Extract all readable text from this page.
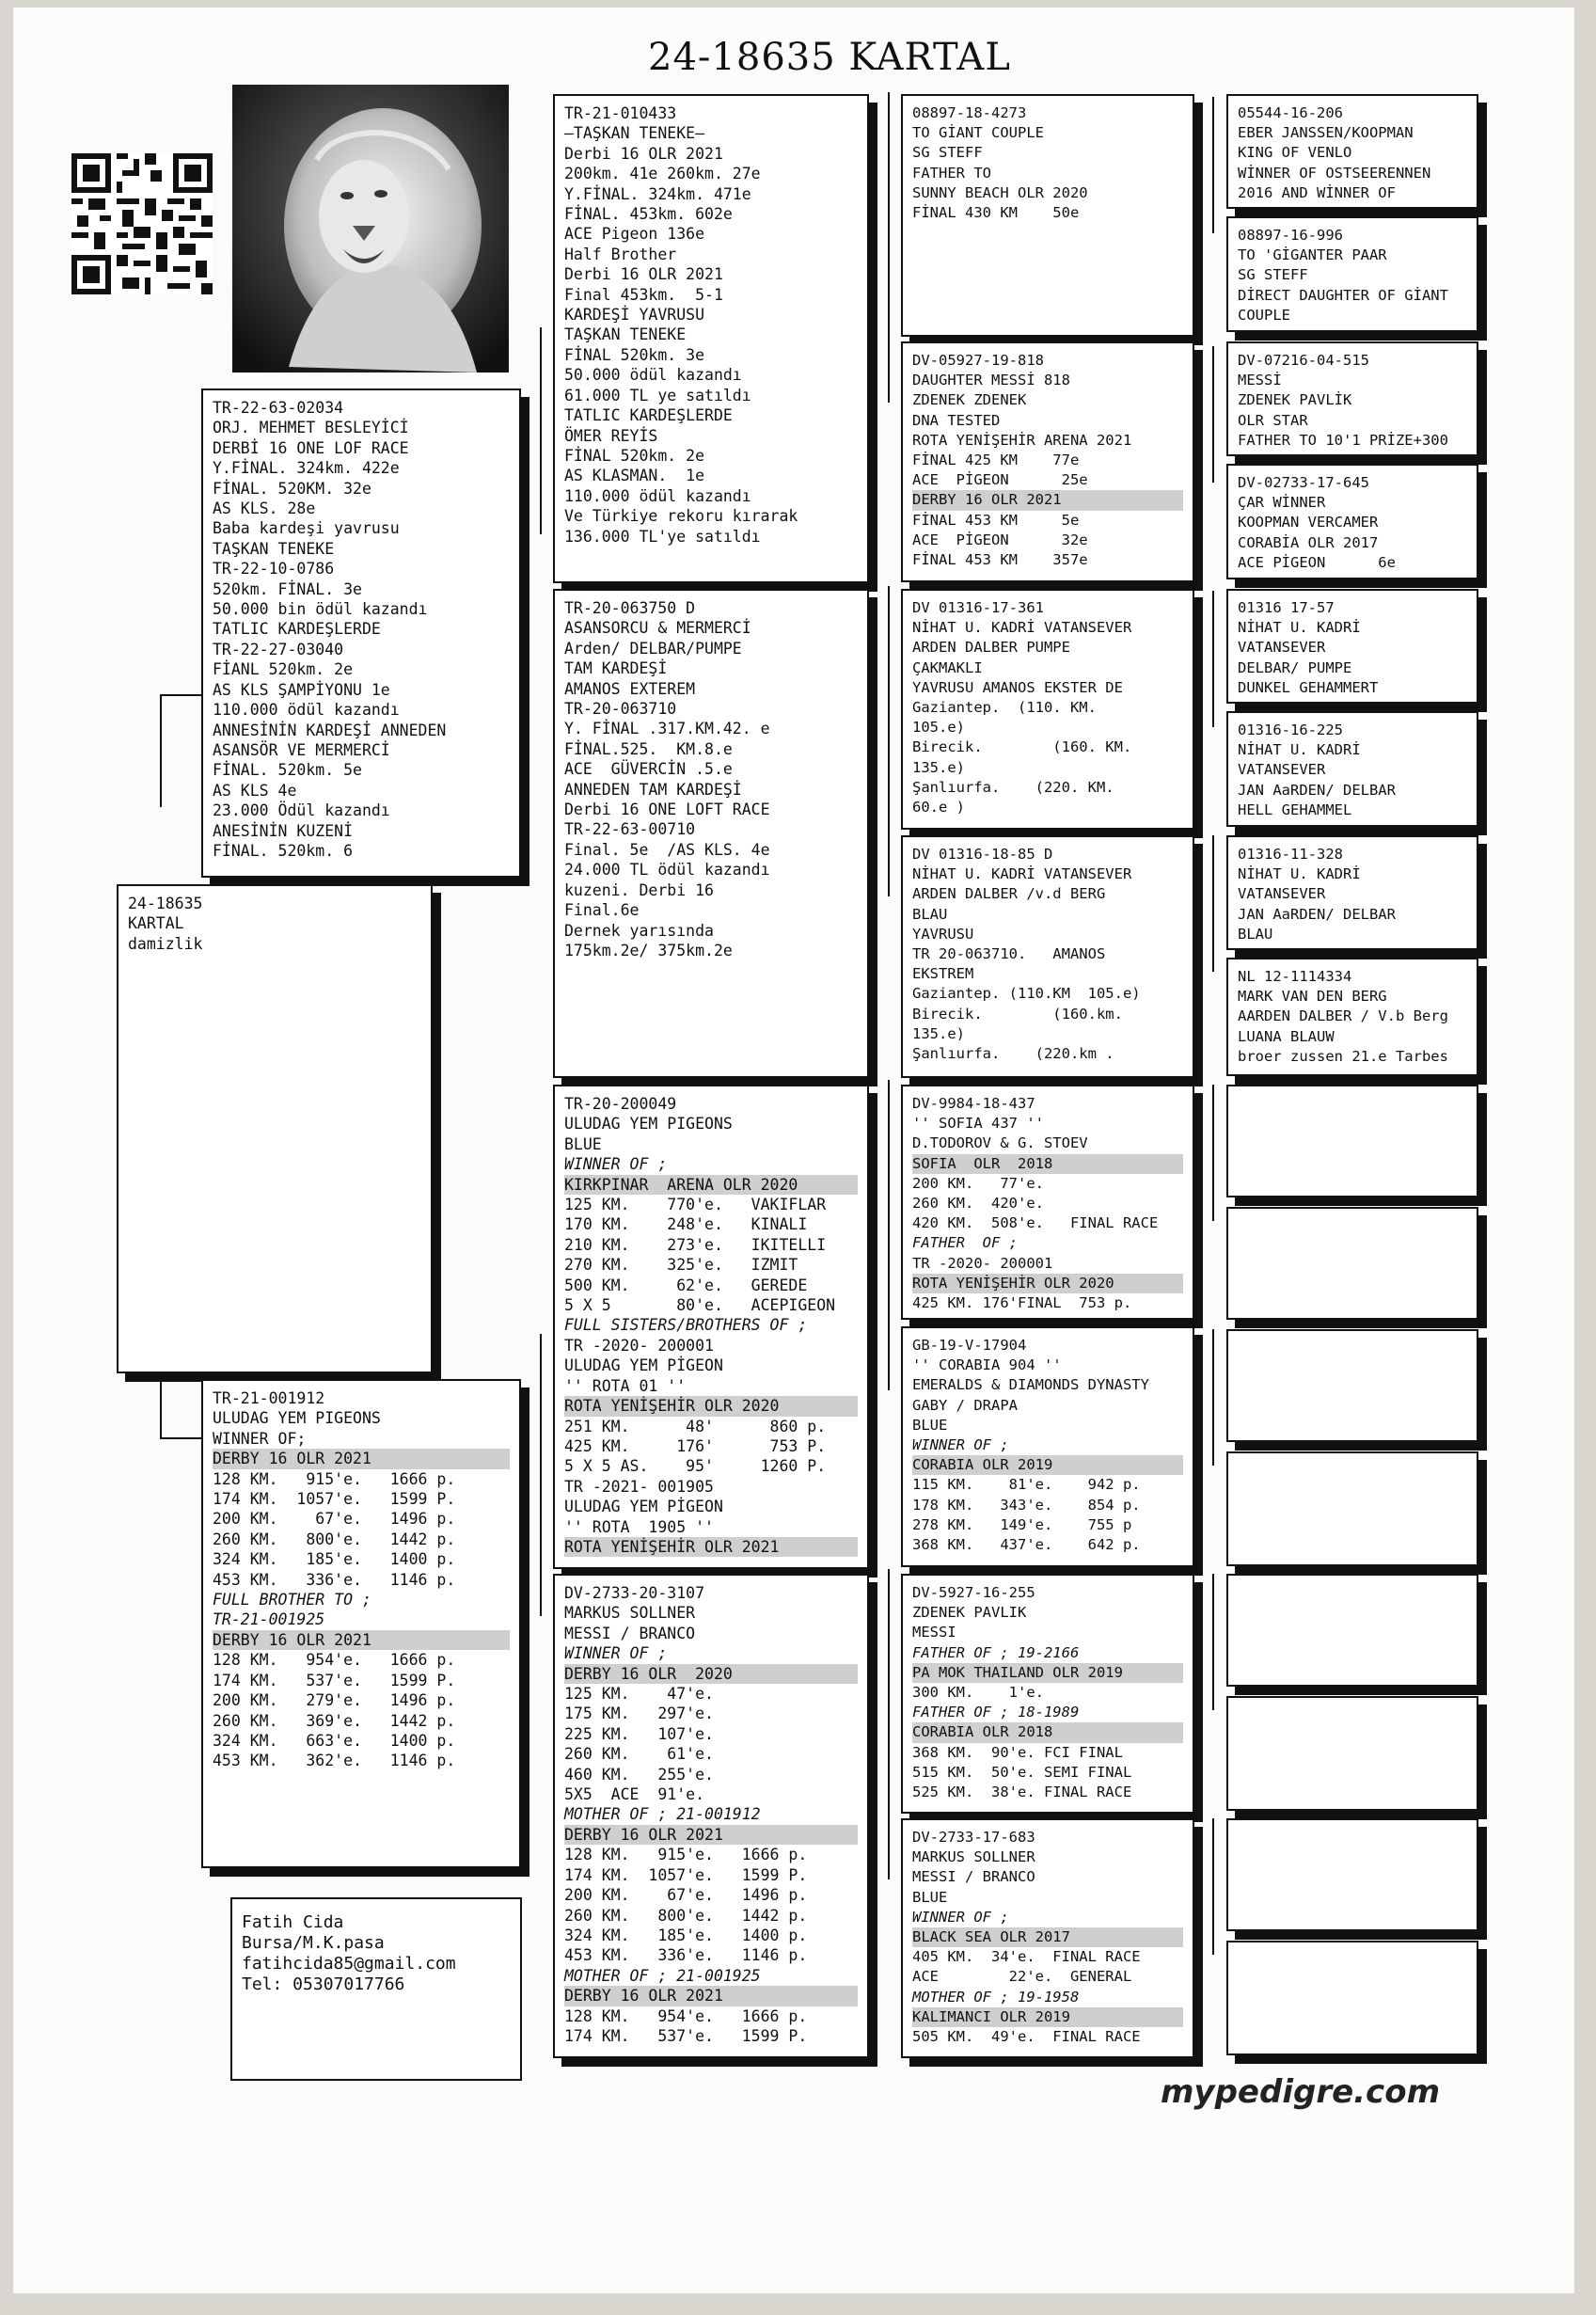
24-18635 KARTAL
24-18635
KARTAL
damizlik
TR-22-63-02034
ORJ. MEHMET BESLEYİCİ
DERBİ 16 ONE LOF RACE
Y.FİNAL. 324km. 422e
FİNAL. 520KM. 32e
AS KLS. 28e
Baba kardeşi yavrusu
TAŞKAN TENEKE
TR-22-10-0786
520km. FİNAL. 3e
50.000 bin ödül kazandı
TATLIC KARDEŞLERDE
TR-22-27-03040
FİANL 520km. 2e
AS KLS ŞAMPİYONU 1e
110.000 ödül kazandı
ANNESİNİN KARDEŞİ ANNEDEN
ASANSÖR VE MERMERCİ
FİNAL. 520km. 5e
AS KLS 4e
23.000 Ödül kazandı
ANESİNİN KUZENİ
FİNAL. 520km. 6
TR-21-001912
ULUDAG YEM PIGEONS
WINNER OF;
DERBY 16 OLR 2021
128 KM.   915'e.   1666 p.
174 KM.  1057'e.   1599 P.
200 KM.    67'e.   1496 p.
260 KM.   800'e.   1442 p.
324 KM.   185'e.   1400 p.
453 KM.   336'e.   1146 p.
FULL BROTHER TO ;
TR-21-001925
DERBY 16 OLR 2021
128 KM.   954'e.   1666 p.
174 KM.   537'e.   1599 P.
200 KM.   279'e.   1496 p.
260 KM.   369'e.   1442 p.
324 KM.   663'e.   1400 p.
453 KM.   362'e.   1146 p.
TR-21-010433
—TAŞKAN TENEKE—
Derbi 16 OLR 2021
200km. 41e 260km. 27e
Y.FİNAL. 324km. 471e
FİNAL. 453km. 602e
ACE Pigeon 136e
Half Brother
Derbi 16 OLR 2021
Final 453km.  5-1
KARDEŞİ YAVRUSU
TAŞKAN TENEKE
FİNAL 520km. 3e
50.000 ödül kazandı
61.000 TL ye satıldı
TATLIC KARDEŞLERDE
ÖMER REYİS
FİNAL 520km. 2e
AS KLASMAN.  1e
110.000 ödül kazandı
Ve Türkiye rekoru kırarak
136.000 TL'ye satıldı
TR-20-063750 D
ASANSORCU & MERMERCİ
Arden/ DELBAR/PUMPE
TAM KARDEŞİ
AMANOS EXTEREM
TR-20-063710
Y. FİNAL .317.KM.42. e
FİNAL.525.  KM.8.e
ACE  GÜVERCİN .5.e
ANNEDEN TAM KARDEŞİ
Derbi 16 ONE LOFT RACE
TR-22-63-00710
Final. 5e  /AS KLS. 4e
24.000 TL ödül kazandı
kuzeni. Derbi 16
Final.6e
Dernek yarısında
175km.2e/ 375km.2e
TR-20-200049
ULUDAG YEM PIGEONS
BLUE
WINNER OF ;
KIRKPINAR  ARENA OLR 2020
125 KM.    770'e.   VAKIFLAR
170 KM.    248'e.   KINALI
210 KM.    273'e.   IKITELLI
270 KM.    325'e.   IZMIT
500 KM.     62'e.   GEREDE
5 X 5       80'e.   ACEPIGEON
FULL SISTERS/BROTHERS OF ;
TR -2020- 200001
ULUDAG YEM PİGEON
'' ROTA 01 ''
ROTA YENİŞEHİR OLR 2020
251 KM.      48'      860 p.
425 KM.     176'      753 P.
5 X 5 AS.    95'     1260 P.
TR -2021- 001905
ULUDAG YEM PİGEON
'' ROTA  1905 ''
ROTA YENİŞEHİR OLR 2021
DV-2733-20-3107
MARKUS SOLLNER
MESSI / BRANCO
WINNER OF ;
DERBY 16 OLR  2020
125 KM.    47'e.
175 KM.   297'e.
225 KM.   107'e.
260 KM.    61'e.
460 KM.   255'e.
5X5  ACE  91'e.
MOTHER OF ; 21-001912
DERBY 16 OLR 2021
128 KM.   915'e.   1666 p.
174 KM.  1057'e.   1599 P.
200 KM.    67'e.   1496 p.
260 KM.   800'e.   1442 p.
324 KM.   185'e.   1400 p.
453 KM.   336'e.   1146 p.
MOTHER OF ; 21-001925
DERBY 16 OLR 2021
128 KM.   954'e.   1666 p.
174 KM.   537'e.   1599 P.
08897-18-4273
TO GİANT COUPLE
SG STEFF
FATHER TO
SUNNY BEACH OLR 2020
FİNAL 430 KM    50e
DV-05927-19-818
DAUGHTER MESSİ 818
ZDENEK ZDENEK
DNA TESTED
ROTA YENİŞEHİR ARENA 2021
FİNAL 425 KM    77e
ACE  PİGEON      25e
DERBY 16 OLR 2021
FİNAL 453 KM     5e
ACE  PİGEON      32e
FİNAL 453 KM    357e
DV 01316-17-361
NİHAT U. KADRİ VATANSEVER
ARDEN DALBER PUMPE
ÇAKMAKLI
YAVRUSU AMANOS EKSTER DE
Gaziantep.  (110. KM.
105.e)
Birecik.        (160. KM.
135.e)
Şanlıurfa.    (220. KM.
60.e )
DV 01316-18-85 D
NİHAT U. KADRİ VATANSEVER
ARDEN DALBER /v.d BERG
BLAU
YAVRUSU
TR 20-063710.   AMANOS
EKSTREM
Gaziantep. (110.KM  105.e)
Birecik.        (160.km.
135.e)
Şanlıurfa.    (220.km .
DV-9984-18-437
'' SOFIA 437 ''
D.TODOROV & G. STOEV
SOFIA  OLR  2018
200 KM.   77'e.
260 KM.  420'e.
420 KM.  508'e.   FINAL RACE
FATHER  OF ;
TR -2020- 200001
ROTA YENİŞEHİR OLR 2020
425 KM. 176'FINAL  753 p.
GB-19-V-17904
'' CORABIA 904 ''
EMERALDS & DIAMONDS DYNASTY
GABY / DRAPA
BLUE
WINNER OF ;
CORABIA OLR 2019
115 KM.    81'e.    942 p.
178 KM.   343'e.    854 p.
278 KM.   149'e.    755 p
368 KM.   437'e.    642 p.
DV-5927-16-255
ZDENEK PAVLIK
MESSI
FATHER OF ; 19-2166
PA MOK THAILAND OLR 2019
300 KM.    1'e.
FATHER OF ; 18-1989
CORABIA OLR 2018
368 KM.  90'e. FCI FINAL
515 KM.  50'e. SEMI FINAL
525 KM.  38'e. FINAL RACE
DV-2733-17-683
MARKUS SOLLNER
MESSI / BRANCO
BLUE
WINNER OF ;
BLACK SEA OLR 2017
405 KM.  34'e.  FINAL RACE
ACE        22'e.  GENERAL
MOTHER OF ; 19-1958
KALIMANCI OLR 2019
505 KM.  49'e.  FINAL RACE
05544-16-206
EBER JANSSEN/KOOPMAN
KING OF VENLO
WİNNER OF OSTSEERENNEN
2016 AND WİNNER OF
08897-16-996
TO 'GİGANTER PAAR
SG STEFF
DİRECT DAUGHTER OF GİANT
COUPLE
DV-07216-04-515
MESSİ
ZDENEK PAVLİK
OLR STAR
FATHER TO 10'1 PRİZE+300
DV-02733-17-645
ÇAR WİNNER
KOOPMAN VERCAMER
CORABİA OLR 2017
ACE PİGEON      6e
01316 17-57
NİHAT U. KADRİ
VATANSEVER
DELBAR/ PUMPE
DUNKEL GEHAMMERT
01316-16-225
NİHAT U. KADRİ
VATANSEVER
JAN AaRDEN/ DELBAR
HELL GEHAMMEL
01316-11-328
NİHAT U. KADRİ
VATANSEVER
JAN AaRDEN/ DELBAR
BLAU
NL 12-1114334
MARK VAN DEN BERG
AARDEN DALBER / V.b Berg
LUANA BLAUW
broer zussen 21.e Tarbes
Fatih Cida
Bursa/M.K.pasa
fatihcida85@gmail.com
Tel: 05307017766
mypedigre.com
